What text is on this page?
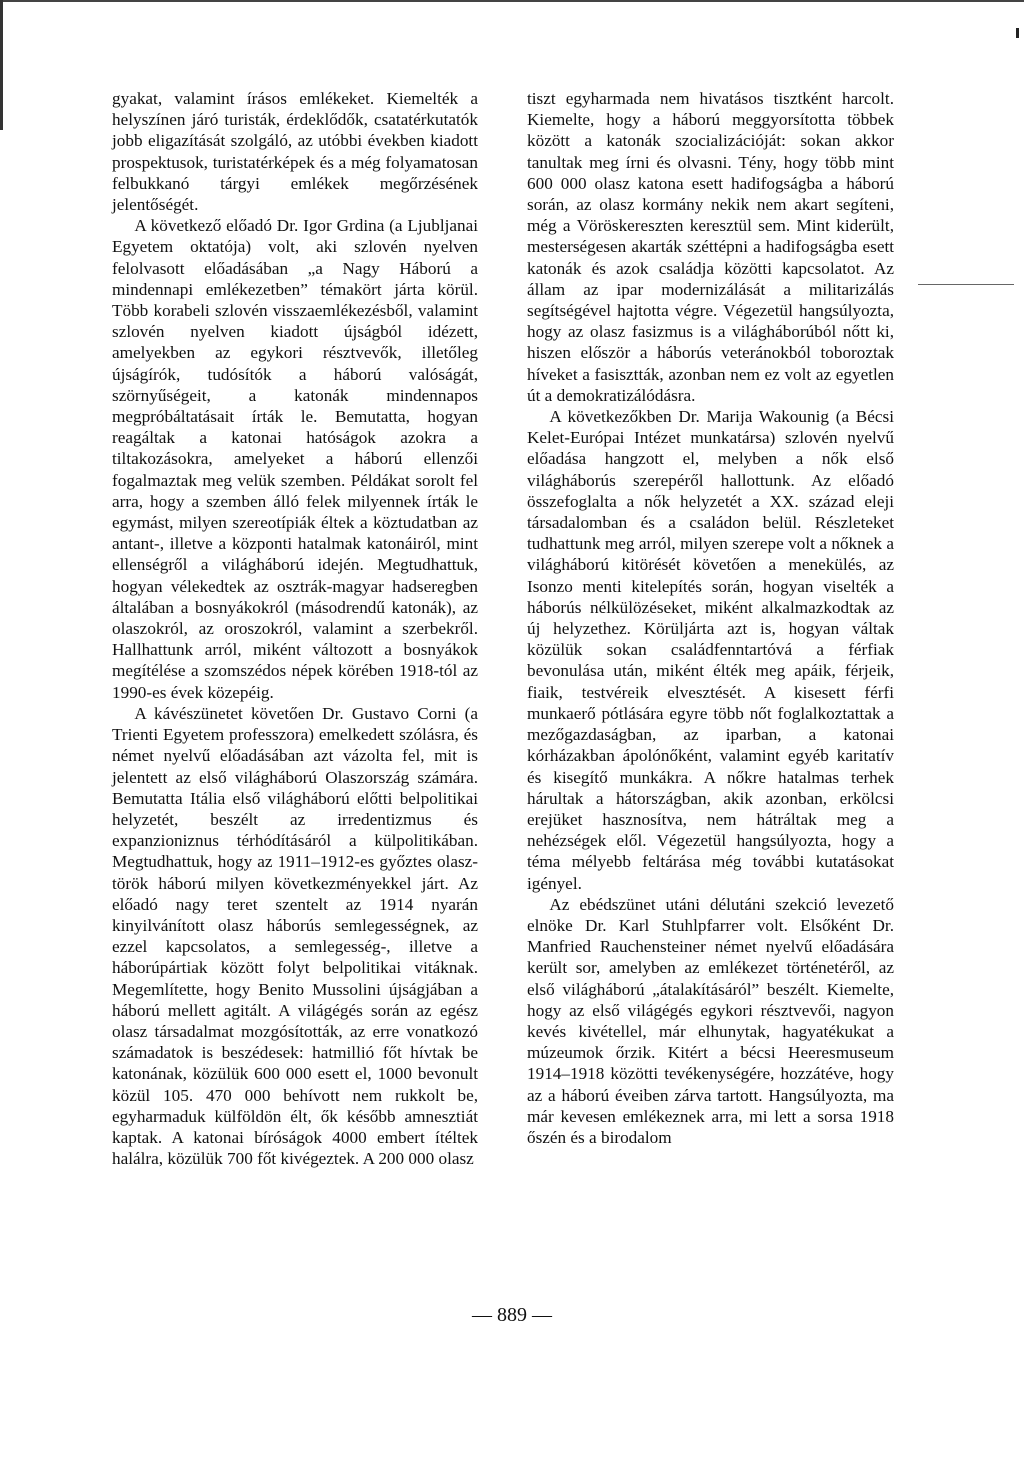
gyakat, valamint írásos emlékeket. Kiemelték a helyszínen járó turisták, érdeklődők, csatatérkutatók jobb eligazítását szolgáló, az utóbbi években kiadott prospektusok, turistatérképek és a még folyamatosan felbukkanó tárgyi emlékek megőrzésének jelentőségét.

A következő előadó Dr. Igor Grdina (a Ljubljanai Egyetem oktatója) volt, aki szlovén nyelven felolvasott előadásában „a Nagy Háború a mindennapi emlékezetben” témakört járta körül. Több korabeli szlovén visszaemlékezésből, valamint szlovén nyelven kiadott újságból idézett, amelyekben az egykori résztvevők, illetőleg újságírók, tudósítók a háború valóságát, szörnyűségeit, a katonák mindennapos megpróbáltatásait írták le. Bemutatta, hogyan reagáltak a katonai hatóságok azokra a tiltakozásokra, amelyeket a háború ellenzői fogalmaztak meg velük szemben. Példákat sorolt fel arra, hogy a szemben álló felek milyennek írták le egymást, milyen szereotípiák éltek a köztudatban az antant-, illetve a központi hatalmak katonáiról, mint ellenségről a világháború idején. Megtudhattuk, hogyan vélekedtek az osztrák-magyar hadseregben általában a bosnyákokról (másodrendű katonák), az olaszokról, az oroszokról, valamint a szerbekről. Hallhattunk arról, miként változott a bosnyákok megítélése a szomszédos népek körében 1918-tól az 1990-es évek közepéig.

A kávészünetet követően Dr. Gustavo Corni (a Trienti Egyetem professzora) emelkedett szólásra, és német nyelvű előadásában azt vázolta fel, mit is jelentett az első világháború Olaszország számára. Bemutatta Itália első világháború előtti belpolitikai helyzetét, beszélt az irredentizmus és expanzioniznus térhódításáról a külpolitikában. Megtudhattuk, hogy az 1911–1912-es győztes olasz-török háború milyen következményekkel járt. Az előadó nagy teret szentelt az 1914 nyarán kinyilvánított olasz háborús semlegességnek, az ezzel kapcsolatos, a semlegesség-, illetve a háborúpártiak között folyt belpolitikai vitáknak. Megemlítette, hogy Benito Mussolini újságjában a háború mellett agitált. A világégés során az egész olasz társadalmat mozgósították, az erre vonatkozó számadatok is beszédesek: hatmillió főt hívtak be katonának, közülük 600 000 esett el, 1000 bevonult közül 105. 470 000 behívott nem rukkolt be, egyharmaduk külföldön élt, ők később amnesztiát kaptak. A katonai bíróságok 4000 embert ítéltek halálra, közülük 700 főt kivégeztek. A 200 000 olasz

tiszt egyharmada nem hivatásos tisztként harcolt. Kiemelte, hogy a háború meggyorsította többek között a katonák szocializációját: sokan akkor tanultak meg írni és olvasni. Tény, hogy több mint 600 000 olasz katona esett hadifogságba a háború során, az olasz kormány nekik nem akart segíteni, még a Vöröskereszten keresztül sem. Mint kiderült, mesterségesen akarták széttépni a hadifogságba esett katonák és azok családja közötti kapcsolatot. Az állam az ipar modernizálását a militarizálás segítségével hajtotta végre. Végezetül hangsúlyozta, hogy az olasz fasizmus is a világháborúból nőtt ki, hiszen először a háborús veteránokból toboroztak híveket a fasisztták, azonban nem ez volt az egyetlen út a demokratizálódásra.

A következőkben Dr. Marija Wakounig (a Bécsi Kelet-Európai Intézet munkatársa) szlovén nyelvű előadása hangzott el, melyben a nők első világháborús szerepéről hallottunk. Az előadó összefoglalta a nők helyzetét a XX. század eleji társadalomban és a családon belül. Részleteket tudhattunk meg arról, milyen szerepe volt a nőknek a világháború kitörését követően a menekülés, az Isonzo menti kitelepítés során, hogyan viselték a háborús nélkülözéseket, miként alkalmazkodtak az új helyzethez. Körüljárta azt is, hogyan váltak közülük sokan családfenntartóvá a férfiak bevonulása után, miként élték meg apáik, férjeik, fiaik, testvéreik elvesztését. A kisesett férfi munkaerő pótlására egyre több nőt foglalkoztattak a mezőgazdaságban, az iparban, a katonai kórházakban ápolónőként, valamint egyéb karitatív és kisegítő munkákra. A nőkre hatalmas terhek hárultak a hátországban, akik azonban, erkölcsi erejüket hasznosítva, nem hátráltak meg a nehézségek elől. Végezetül hangsúlyozta, hogy a téma mélyebb feltárása még további kutatásokat igényel.

Az ebédszünet utáni délutáni szekció levezető elnöke Dr. Karl Stuhlpfarrer volt. Elsőként Dr. Manfried Rauchensteiner német nyelvű előadására került sor, amelyben az emlékezet történetéről, az első világháború „átalakításáról” beszélt. Kiemelte, hogy az első világégés egykori résztvevői, nagyon kevés kivétellel, már elhunytak, hagyatékukat a múzeumok őrzik. Kitért a bécsi Heeresmuseum 1914–1918 közötti tevékenységére, hozzátéve, hogy az a háború éveiben zárva tartott. Hangsúlyozta, ma már kevesen emlékeznek arra, mi lett a sorsa 1918 őszén és a birodalom

— 889 —
